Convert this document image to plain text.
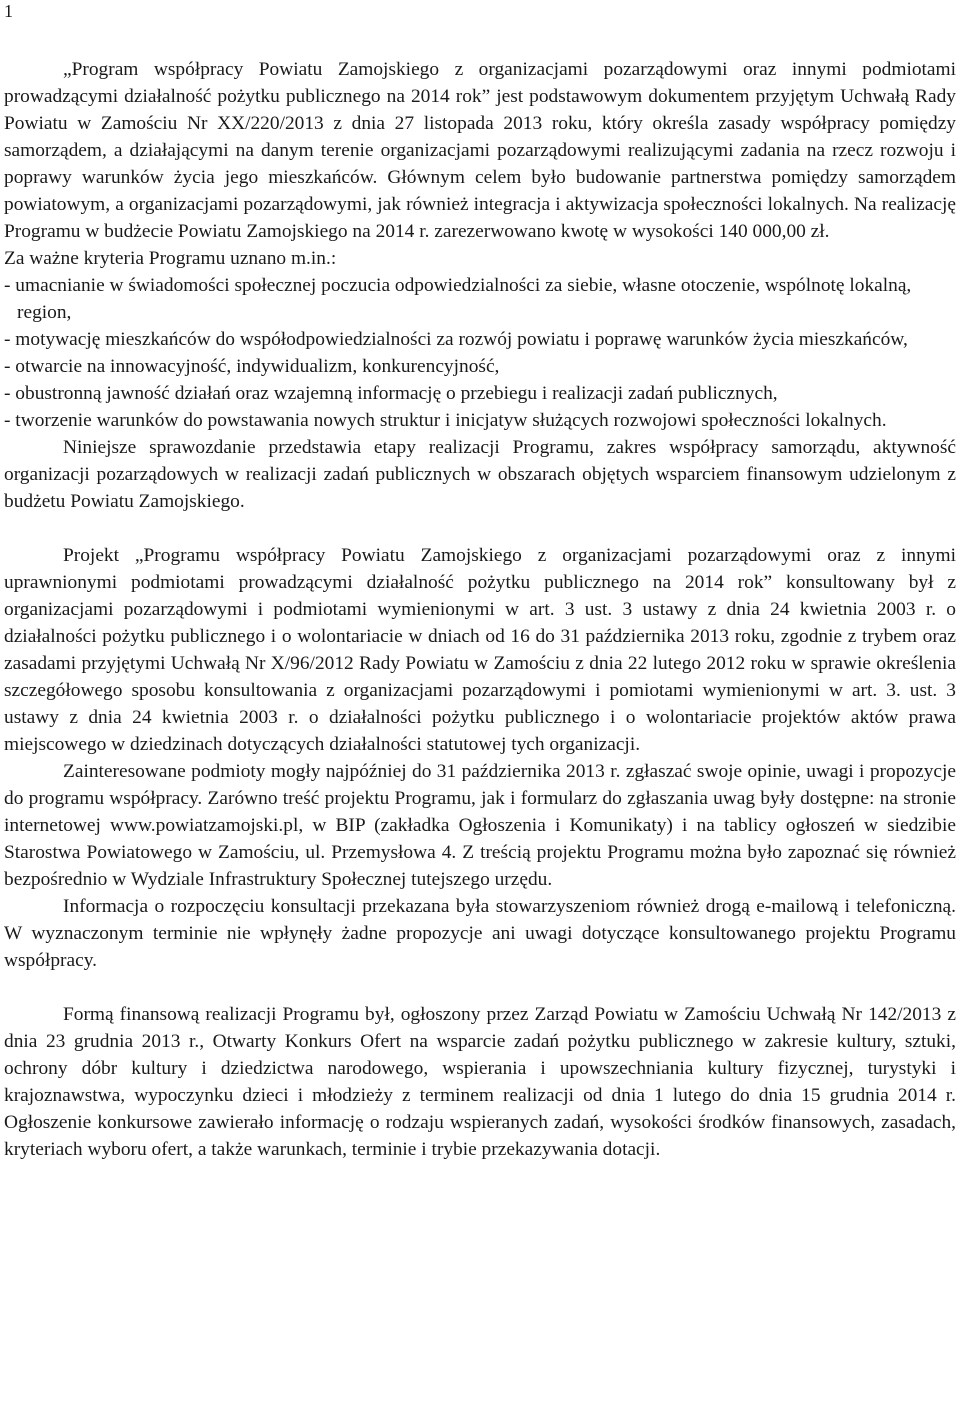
1

„Program współpracy Powiatu Zamojskiego z organizacjami pozarządowymi oraz innymi podmiotami prowadzącymi działalność pożytku publicznego na 2014 rok” jest podstawowym dokumentem przyjętym Uchwałą Rady Powiatu w Zamościu Nr XX/220/2013 z dnia 27 listopada 2013 roku, który określa zasady współpracy pomiędzy samorządem, a działającymi na danym terenie organizacjami pozarządowymi realizującymi zadania na rzecz rozwoju i poprawy warunków życia jego mieszkańców. Głównym celem było budowanie partnerstwa pomiędzy samorządem powiatowym, a organizacjami pozarządowymi, jak również integracja i aktywizacja społeczności lokalnych. Na realizację Programu w budżecie Powiatu Zamojskiego na 2014 r. zarezerwowano kwotę w wysokości 140 000,00 zł.

Za ważne kryteria Programu uznano m.in.:

- umacnianie w świadomości społecznej poczucia odpowiedzialności za siebie, własne otoczenie, wspólnotę lokalną, region,

- motywację mieszkańców do współodpowiedzialności za rozwój powiatu i poprawę warunków życia mieszkańców,

- otwarcie na innowacyjność, indywidualizm, konkurencyjność,

- obustronną jawność działań oraz wzajemną informację o przebiegu i realizacji zadań publicznych,

- tworzenie warunków do powstawania nowych struktur i inicjatyw służących rozwojowi społeczności lokalnych.

Niniejsze sprawozdanie przedstawia etapy realizacji Programu, zakres współpracy samorządu, aktywność organizacji pozarządowych w realizacji zadań publicznych w obszarach objętych wsparciem finansowym udzielonym z budżetu Powiatu Zamojskiego.

Projekt „Programu współpracy Powiatu Zamojskiego z organizacjami pozarządowymi oraz z innymi uprawnionymi podmiotami prowadzącymi działalność pożytku publicznego na 2014 rok” konsultowany był z organizacjami pozarządowymi i podmiotami wymienionymi w art. 3 ust. 3 ustawy z dnia 24 kwietnia 2003 r. o działalności pożytku publicznego i o wolontariacie w dniach od 16 do 31 października 2013 roku, zgodnie z trybem oraz zasadami przyjętymi Uchwałą Nr X/96/2012 Rady Powiatu w Zamościu z dnia 22 lutego 2012 roku w sprawie określenia szczegółowego sposobu konsultowania z organizacjami pozarządowymi i pomiotami wymienionymi w art. 3. ust. 3 ustawy z dnia 24 kwietnia 2003 r. o działalności pożytku publicznego i o wolontariacie projektów aktów prawa miejscowego w dziedzinach dotyczących działalności statutowej tych organizacji.

Zainteresowane podmioty mogły najpóźniej do 31 października 2013 r. zgłaszać swoje opinie, uwagi i propozycje do programu współpracy. Zarówno treść projektu Programu, jak i formularz do zgłaszania uwag były dostępne: na stronie internetowej www.powiatzamojski.pl, w BIP (zakładka Ogłoszenia i Komunikaty) i na tablicy ogłoszeń w siedzibie Starostwa Powiatowego w Zamościu, ul. Przemysłowa 4. Z treścią projektu Programu można było zapoznać się również bezpośrednio w Wydziale Infrastruktury Społecznej tutejszego urzędu.

Informacja o rozpoczęciu konsultacji przekazana była stowarzyszeniom również drogą e-mailową i telefoniczną. W wyznaczonym terminie nie wpłynęły żadne propozycje ani uwagi dotyczące konsultowanego projektu Programu współpracy.

Formą finansową realizacji Programu był, ogłoszony przez Zarząd Powiatu w Zamościu Uchwałą Nr 142/2013 z dnia 23 grudnia 2013 r., Otwarty Konkurs Ofert na wsparcie zadań pożytku publicznego w zakresie kultury, sztuki, ochrony dóbr kultury i dziedzictwa narodowego, wspierania i upowszechniania kultury fizycznej, turystyki i krajoznawstwa, wypoczynku dzieci i młodzieży z terminem realizacji od dnia 1 lutego do dnia 15 grudnia 2014 r. Ogłoszenie konkursowe zawierało informację o rodzaju wspieranych zadań, wysokości środków finansowych, zasadach, kryteriach wyboru ofert, a także warunkach, terminie i trybie przekazywania dotacji.
